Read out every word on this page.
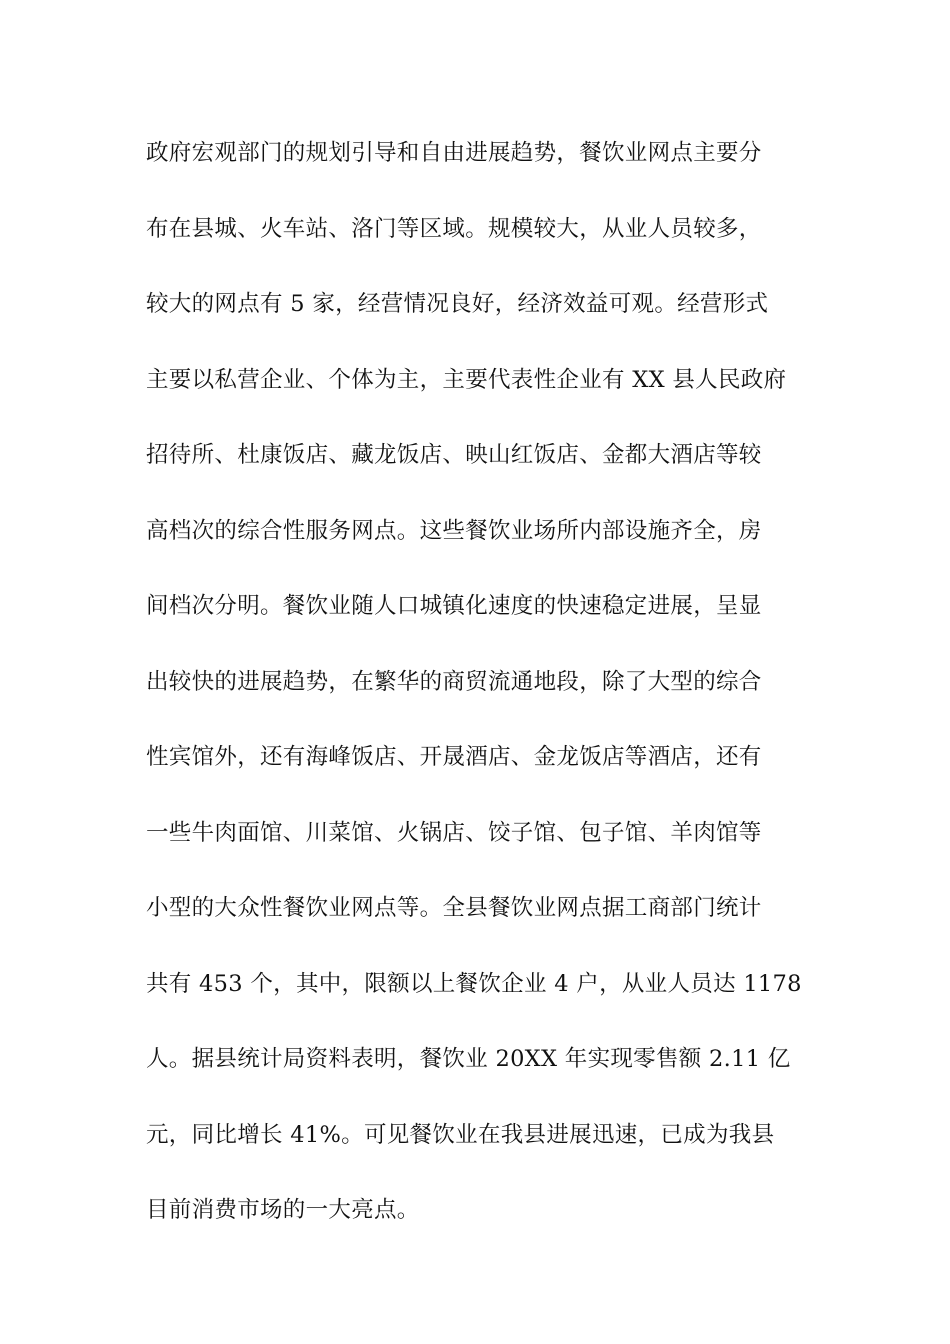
政府宏观部门的规划引导和自由进展趋势，餐饮业网点主要分
布在县城、火车站、洛门等区域。规模较大，从业人员较多，
较大的网点有 5 家，经营情况良好，经济效益可观。经营形式
主要以私营企业、个体为主，主要代表性企业有 XX 县人民政府
招待所、杜康饭店、藏龙饭店、映山红饭店、金都大酒店等较
高档次的综合性服务网点。这些餐饮业场所内部设施齐全，房
间档次分明。餐饮业随人口城镇化速度的快速稳定进展，呈显
出较快的进展趋势，在繁华的商贸流通地段，除了大型的综合
性宾馆外，还有海峰饭店、开晟酒店、金龙饭店等酒店，还有
一些牛肉面馆、川菜馆、火锅店、饺子馆、包子馆、羊肉馆等
小型的大众性餐饮业网点等。全县餐饮业网点据工商部门统计
共有 453 个，其中，限额以上餐饮企业 4 户，从业人员达 1178
人。据县统计局资料表明，餐饮业 20XX 年实现零售额 2.11 亿
元，同比增长 41%。可见餐饮业在我县进展迅速，已成为我县
目前消费市场的一大亮点。
